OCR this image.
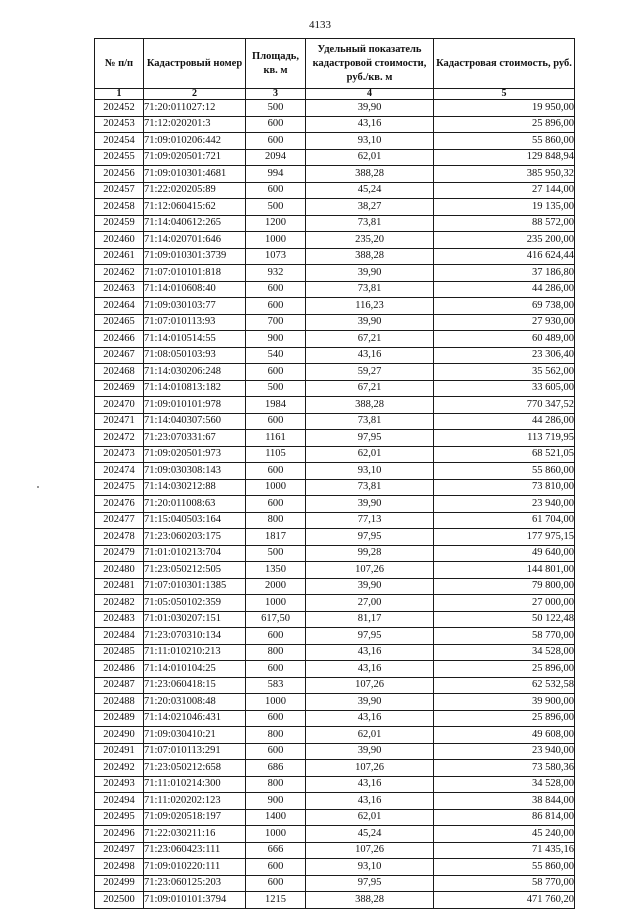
4133
№ п/п	Кадастровый номер	Площадь, кв. м	Удельный показатель кадастровой стоимости, руб./кв. м	Кадастровая стоимость, руб.
1	2	3	4	5
202452	71:20:011027:12	500	39,90	19 950,00
202453	71:12:020201:3	600	43,16	25 896,00
202454	71:09:010206:442	600	93,10	55 860,00
202455	71:09:020501:721	2094	62,01	129 848,94
202456	71:09:010301:4681	994	388,28	385 950,32
202457	71:22:020205:89	600	45,24	27 144,00
202458	71:12:060415:62	500	38,27	19 135,00
202459	71:14:040612:265	1200	73,81	88 572,00
202460	71:14:020701:646	1000	235,20	235 200,00
202461	71:09:010301:3739	1073	388,28	416 624,44
202462	71:07:010101:818	932	39,90	37 186,80
202463	71:14:010608:40	600	73,81	44 286,00
202464	71:09:030103:77	600	116,23	69 738,00
202465	71:07:010113:93	700	39,90	27 930,00
202466	71:14:010514:55	900	67,21	60 489,00
202467	71:08:050103:93	540	43,16	23 306,40
202468	71:14:030206:248	600	59,27	35 562,00
202469	71:14:010813:182	500	67,21	33 605,00
202470	71:09:010101:978	1984	388,28	770 347,52
202471	71:14:040307:560	600	73,81	44 286,00
202472	71:23:070331:67	1161	97,95	113 719,95
202473	71:09:020501:973	1105	62,01	68 521,05
202474	71:09:030308:143	600	93,10	55 860,00
202475	71:14:030212:88	1000	73,81	73 810,00
202476	71:20:011008:63	600	39,90	23 940,00
202477	71:15:040503:164	800	77,13	61 704,00
202478	71:23:060203:175	1817	97,95	177 975,15
202479	71:01:010213:704	500	99,28	49 640,00
202480	71:23:050212:505	1350	107,26	144 801,00
202481	71:07:010301:1385	2000	39,90	79 800,00
202482	71:05:050102:359	1000	27,00	27 000,00
202483	71:01:030207:151	617,50	81,17	50 122,48
202484	71:23:070310:134	600	97,95	58 770,00
202485	71:11:010210:213	800	43,16	34 528,00
202486	71:14:010104:25	600	43,16	25 896,00
202487	71:23:060418:15	583	107,26	62 532,58
202488	71:20:031008:48	1000	39,90	39 900,00
202489	71:14:021046:431	600	43,16	25 896,00
202490	71:09:030410:21	800	62,01	49 608,00
202491	71:07:010113:291	600	39,90	23 940,00
202492	71:23:050212:658	686	107,26	73 580,36
202493	71:11:010214:300	800	43,16	34 528,00
202494	71:11:020202:123	900	43,16	38 844,00
202495	71:09:020518:197	1400	62,01	86 814,00
202496	71:22:030211:16	1000	45,24	45 240,00
202497	71:23:060423:111	666	107,26	71 435,16
202498	71:09:010220:111	600	93,10	55 860,00
202499	71:23:060125:203	600	97,95	58 770,00
202500	71:09:010101:3794	1215	388,28	471 760,20
